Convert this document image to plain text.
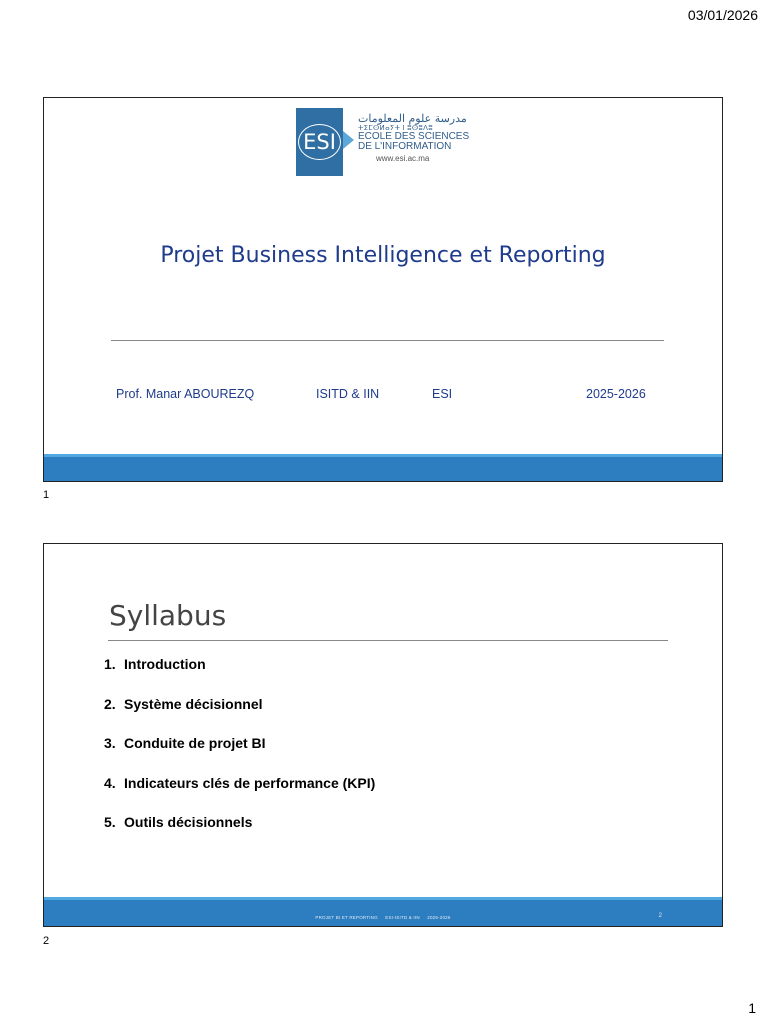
03/01/2026
ESI
مدرسة علوم المعلومات
ⵜⵉⵎⵙⵍⴰⵢⵜ ⵏ ⵓⵙⵓⴷⵓ
ECOLE DES SCIENCES
DE L'INFORMATION
www.esi.ac.ma
Projet Business Intelligence et Reporting
Prof. Manar ABOUREZQ	ISITD & IIN	ESI	2025-2026
1
Syllabus
1. Introduction
2. Système décisionnel
3. Conduite de projet BI
4. Indicateurs clés de performance (KPI)
5. Outils décisionnels
PROJET BI ET REPORTING ESI-ISITD & IIN 2025-2026	2
2
1
